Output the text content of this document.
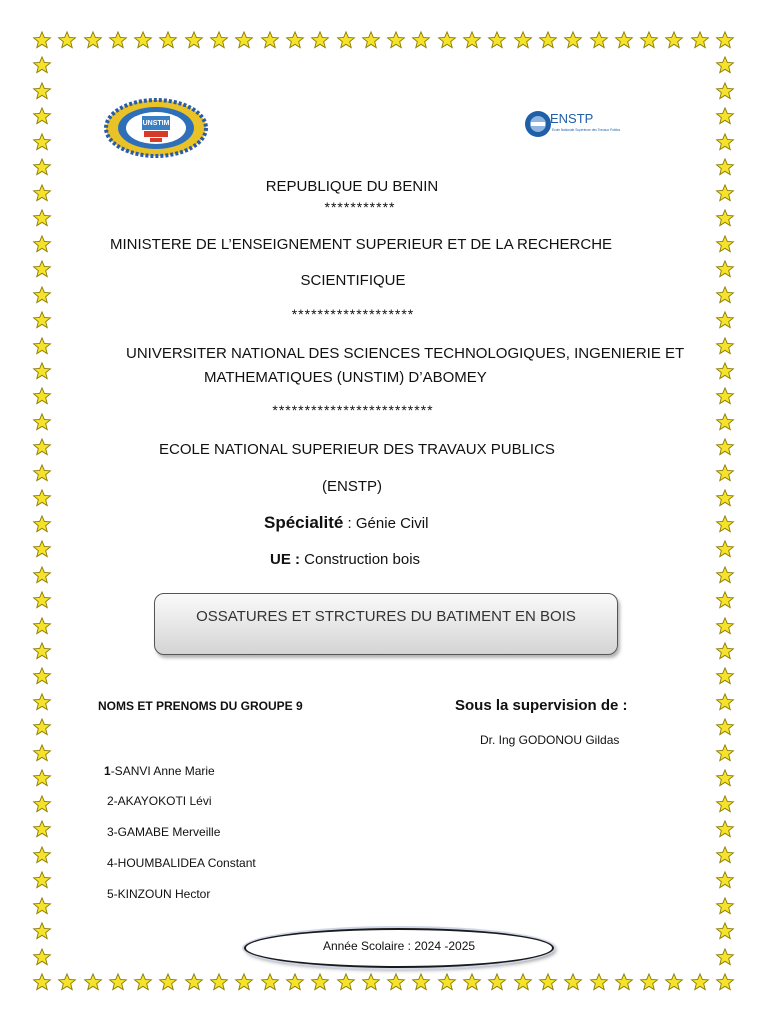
UNSTIM	ENSTP
Ecole Nationale Supérieure des Travaux Publics
REPUBLIQUE DU BENIN
***********
MINISTERE DE L’ENSEIGNEMENT SUPERIEUR ET DE LA RECHERCHE
SCIENTIFIQUE
*******************
UNIVERSITER NATIONAL DES SCIENCES TECHNOLOGIQUES, INGENIERIE ET
MATHEMATIQUES (UNSTIM) D’ABOMEY
*************************
ECOLE NATIONAL SUPERIEUR DES TRAVAUX PUBLICS
(ENSTP)
Spécialité : Génie Civil
UE : Construction bois
OSSATURES ET STRCTURES DU BATIMENT EN BOIS
NOMS ET PRENOMS DU GROUPE 9	Sous la supervision de :
Dr. Ing GODONOU Gildas
1-SANVI Anne Marie
2-AKAYOKOTI Lévi
3-GAMABE Merveille
4-HOUMBALIDEA Constant
5-KINZOUN Hector
Année Scolaire : 2024 -2025
